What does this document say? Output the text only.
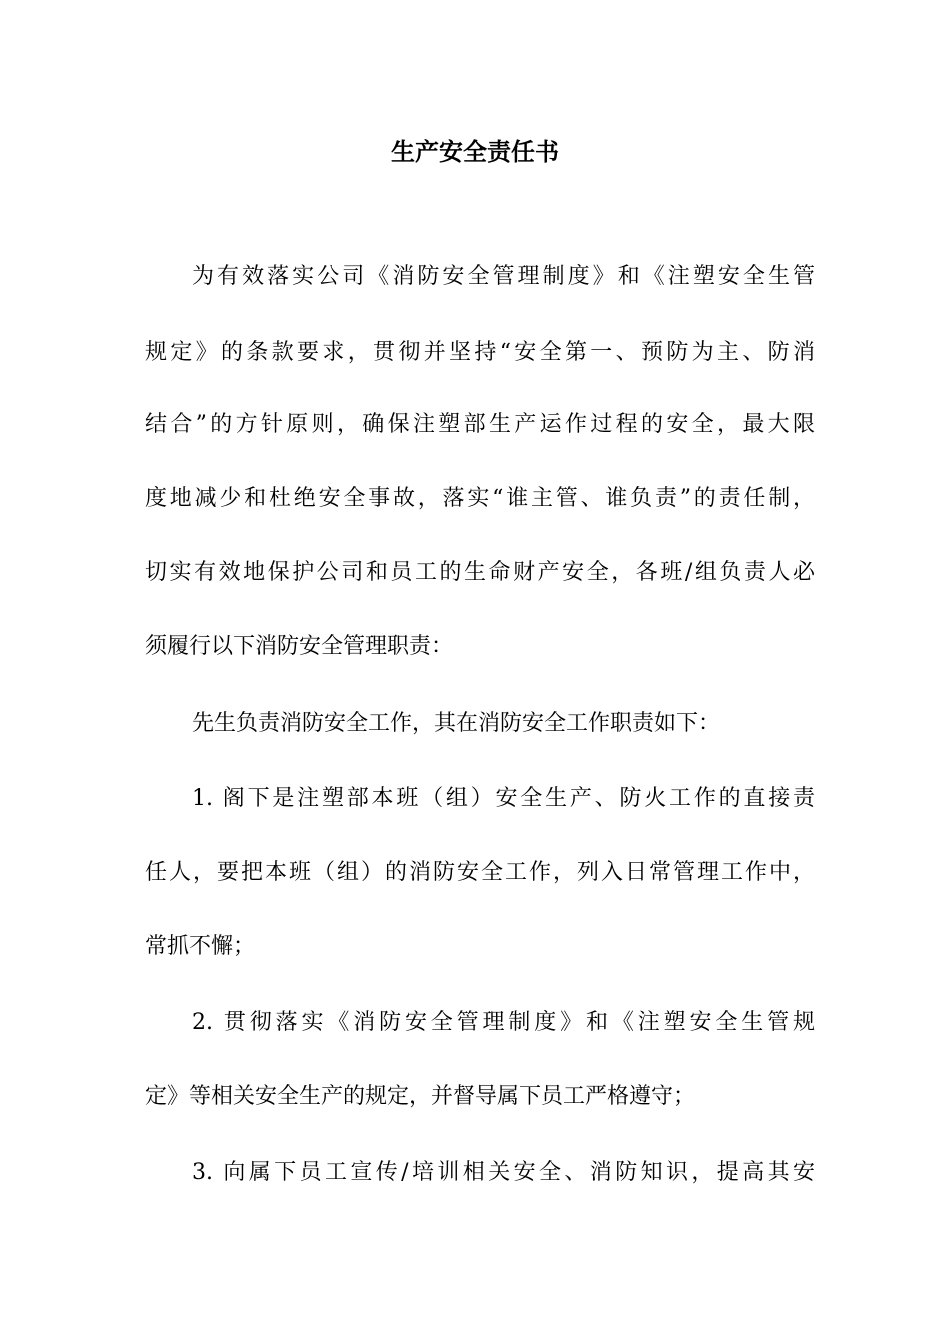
生产安全责任书

为有效落实公司《消防安全管理制度》和《注塑安全生管

规定》的条款要求，贯彻并坚持“安全第一、预防为主、防消

结合”的方针原则，确保注塑部生产运作过程的安全，最大限

度地减少和杜绝安全事故，落实“谁主管、谁负责”的责任制，

切实有效地保护公司和员工的生命财产安全，各班/组负责人必

须履行以下消防安全管理职责：

先生负责消防安全工作，其在消防安全工作职责如下：

1. 阁下是注塑部本班（组）安全生产、防火工作的直接责

任人，要把本班（组）的消防安全工作，列入日常管理工作中，

常抓不懈；

2. 贯彻落实《消防安全管理制度》和《注塑安全生管规

定》等相关安全生产的规定，并督导属下员工严格遵守；

3. 向属下员工宣传/培训相关安全、消防知识，提高其安
